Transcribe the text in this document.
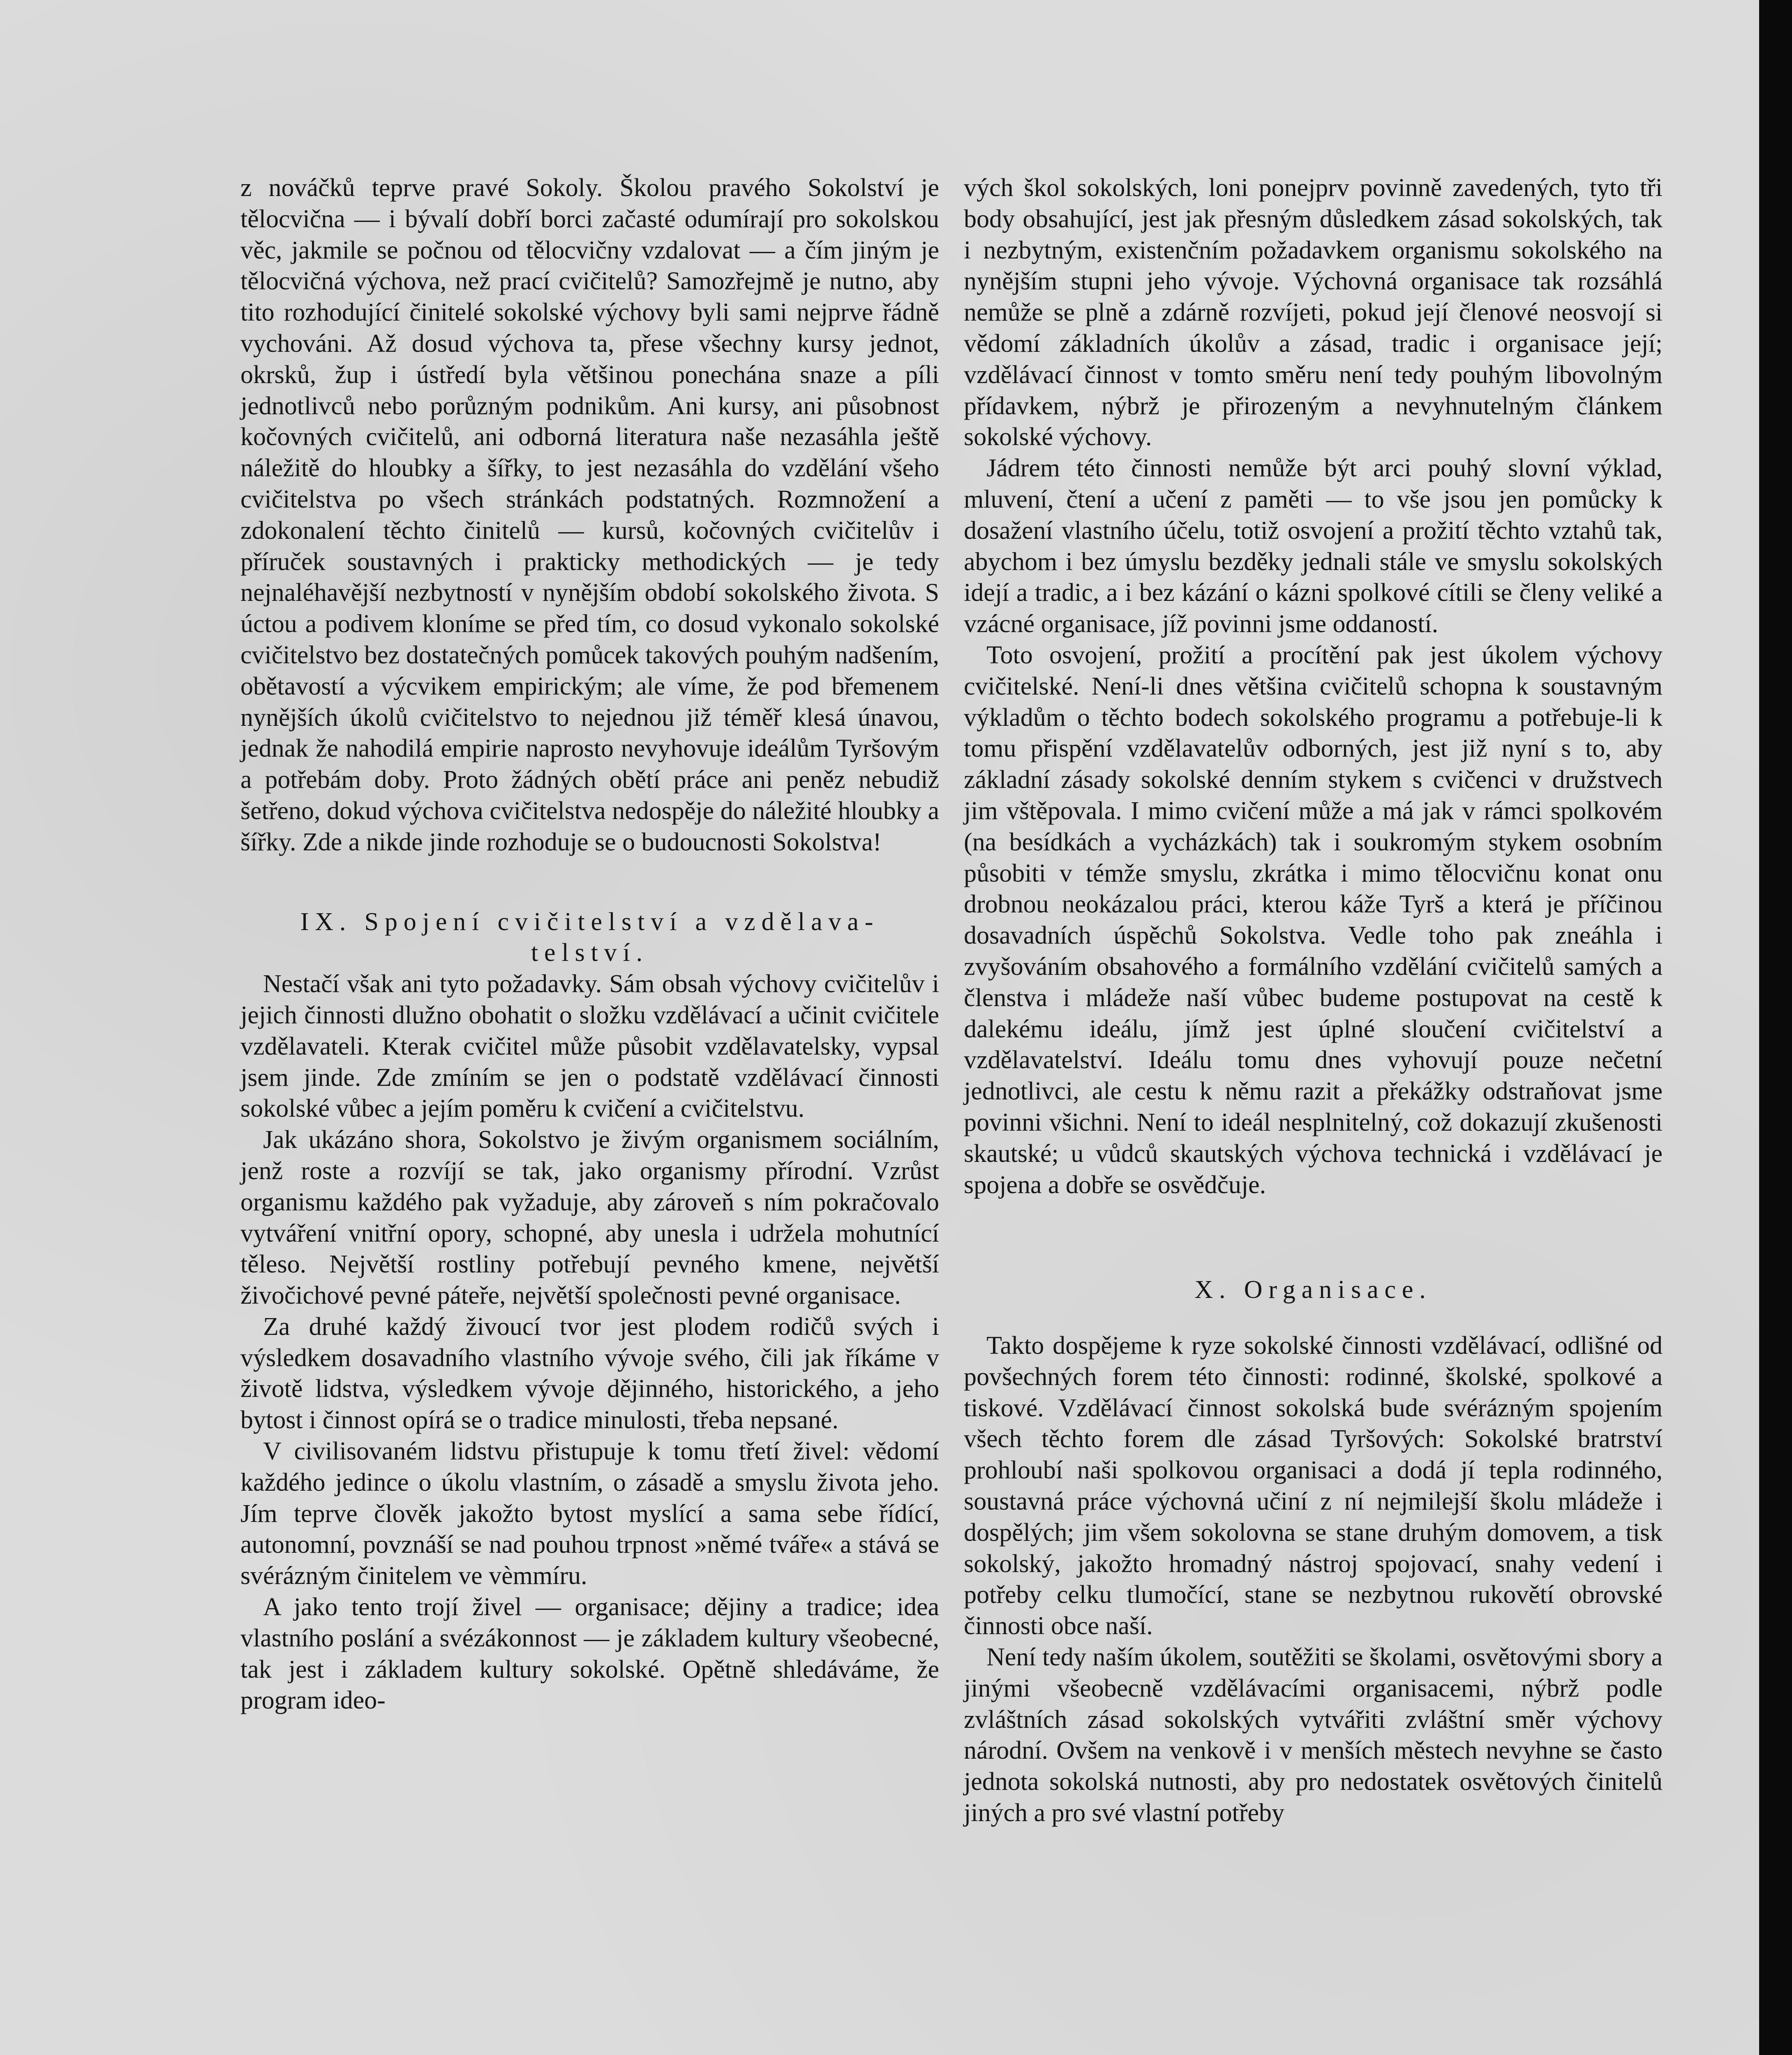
z nováčků teprve pravé Sokoly. Školou pravého Sokolství je tělocvična — i bývalí dobří borci začasté odumírají pro sokolskou věc, jakmile se počnou od tělocvičny vzdalovat — a čím jiným je tělocvičná výchova, než prací cvičitelů? Samozřejmě je nutno, aby tito rozhodující činitelé sokolské výchovy byli sami nejprve řádně vychováni. Až dosud výchova ta, přese všechny kursy jednot, okrsků, žup i ústředí byla většinou ponechána snaze a píli jednotlivců nebo porůzným podnikům. Ani kursy, ani působnost kočovných cvičitelů, ani odborná literatura naše nezasáhla ještě náležitě do hloubky a šířky, to jest nezasáhla do vzdělání všeho cvičitelstva po všech stránkách podstatných. Rozmnožení a zdokonalení těchto činitelů — kursů, kočovných cvičitelův i příruček soustavných i prakticky methodických — je tedy nejnaléhavější nezbytností v nynějším období sokolského života. S úctou a podivem kloníme se před tím, co dosud vykonalo sokolské cvičitelstvo bez dostatečných pomůcek takových pouhým nadšením, obětavostí a výcvikem empirickým; ale víme, že pod břemenem nynějších úkolů cvičitelstvo to nejednou již téměř klesá únavou, jednak že nahodilá empirie naprosto nevyhovuje ideálům Tyršovým a potřebám doby. Proto žádných obětí práce ani peněz nebudiž šetřeno, dokud výchova cvičitelstva nedospěje do náležité hloubky a šířky. Zde a nikde jinde rozhoduje se o budoucnosti Sokolstva!

IX. Spojení cvičitelství a vzdělava-
telství.

Nestačí však ani tyto požadavky. Sám obsah výchovy cvičitelův i jejich činnosti dlužno obohatit o složku vzdělávací a učinit cvičitele vzdělavateli. Kterak cvičitel může působit vzdělavatelsky, vypsal jsem jinde. Zde zmíním se jen o podstatě vzdělávací činnosti sokolské vůbec a jejím poměru k cvičení a cvičitelstvu.

Jak ukázáno shora, Sokolstvo je živým organismem sociálním, jenž roste a rozvíjí se tak, jako organismy přírodní. Vzrůst organismu každého pak vyžaduje, aby zároveň s ním pokračovalo vytváření vnitřní opory, schopné, aby unesla i udržela mohutnící těleso. Největší rostliny potřebují pevného kmene, největší živočichové pevné páteře, největší společnosti pevné organisace.

Za druhé každý živoucí tvor jest plodem rodičů svých i výsledkem dosavadního vlastního vývoje svého, čili jak říkáme v životě lidstva, výsledkem vývoje dějinného, historického, a jeho bytost i činnost opírá se o tradice minulosti, třeba nepsané.

V civilisovaném lidstvu přistupuje k tomu třetí živel: vědomí každého jedince o úkolu vlastním, o zásadě a smyslu života jeho. Jím teprve člověk jakožto bytost myslící a sama sebe řídící, autonomní, povznáší se nad pouhou trpnost »němé tváře« a stává se svérázným činitelem ve vèmmíru.

A jako tento trojí živel — organisace; dějiny a tradice; idea vlastního poslání a svézákonnost — je základem kultury všeobecné, tak jest i základem kultury sokolské. Opětně shledáváme, že program ideo-

vých škol sokolských, loni ponejprv povinně zavedených, tyto tři body obsahující, jest jak přesným důsledkem zásad sokolských, tak i nezbytným, existenčním požadavkem organismu sokolského na nynějším stupni jeho vývoje. Výchovná organisace tak rozsáhlá nemůže se plně a zdárně rozvíjeti, pokud její členové neosvojí si vědomí základních úkolův a zásad, tradic i organisace její; vzdělávací činnost v tomto směru není tedy pouhým libovolným přídavkem, nýbrž je přirozeným a nevyhnutelným článkem sokolské výchovy.

Jádrem této činnosti nemůže být arci pouhý slovní výklad, mluvení, čtení a učení z paměti — to vše jsou jen pomůcky k dosažení vlastního účelu, totiž osvojení a prožití těchto vztahů tak, abychom i bez úmyslu bezděky jednali stále ve smyslu sokolských idejí a tradic, a i bez kázání o kázni spolkové cítili se členy veliké a vzácné organisace, jíž povinni jsme oddaností.

Toto osvojení, prožití a procítění pak jest úkolem výchovy cvičitelské. Není-li dnes většina cvičitelů schopna k soustavným výkladům o těchto bodech sokolského programu a potřebuje-li k tomu přispění vzdělavatelův odborných, jest již nyní s to, aby základní zásady sokolské denním stykem s cvičenci v družstvech jim vštěpovala. I mimo cvičení může a má jak v rámci spolkovém (na besídkách a vycházkách) tak i soukromým stykem osobním působiti v témže smyslu, zkrátka i mimo tělocvičnu konat onu drobnou neokázalou práci, kterou káže Tyrš a která je příčinou dosavadních úspěchů Sokolstva. Vedle toho pak zneáhla i zvyšováním obsahového a formálního vzdělání cvičitelů samých a členstva i mládeže naší vůbec budeme postupovat na cestě k dalekému ideálu, jímž jest úplné sloučení cvičitelství a vzdělavatelství. Ideálu tomu dnes vyhovují pouze nečetní jednotlivci, ale cestu k němu razit a překážky odstraňovat jsme povinni všichni. Není to ideál nesplnitelný, což dokazují zkušenosti skautské; u vůdců skautských výchova technická i vzdělávací je spojena a dobře se osvědčuje.

X. Organisace.

Takto dospějeme k ryze sokolské činnosti vzdělávací, odlišné od povšechných forem této činnosti: rodinné, školské, spolkové a tiskové. Vzdělávací činnost sokolská bude svérázným spojením všech těchto forem dle zásad Tyršových: Sokolské bratrství prohloubí naši spolkovou organisaci a dodá jí tepla rodinného, soustavná práce výchovná učiní z ní nejmilejší školu mládeže i dospělých; jim všem sokolovna se stane druhým domovem, a tisk sokolský, jakožto hromadný nástroj spojovací, snahy vedení i potřeby celku tlumočící, stane se nezbytnou rukovětí obrovské činnosti obce naší.

Není tedy naším úkolem, soutěžiti se školami, osvětovými sbory a jinými všeobecně vzdělávacími organisacemi, nýbrž podle zvláštních zásad sokolských vytvářiti zvláštní směr výchovy národní. Ovšem na venkově i v menších městech nevyhne se často jednota sokolská nutnosti, aby pro nedostatek osvětových činitelů jiných a pro své vlastní potřeby
